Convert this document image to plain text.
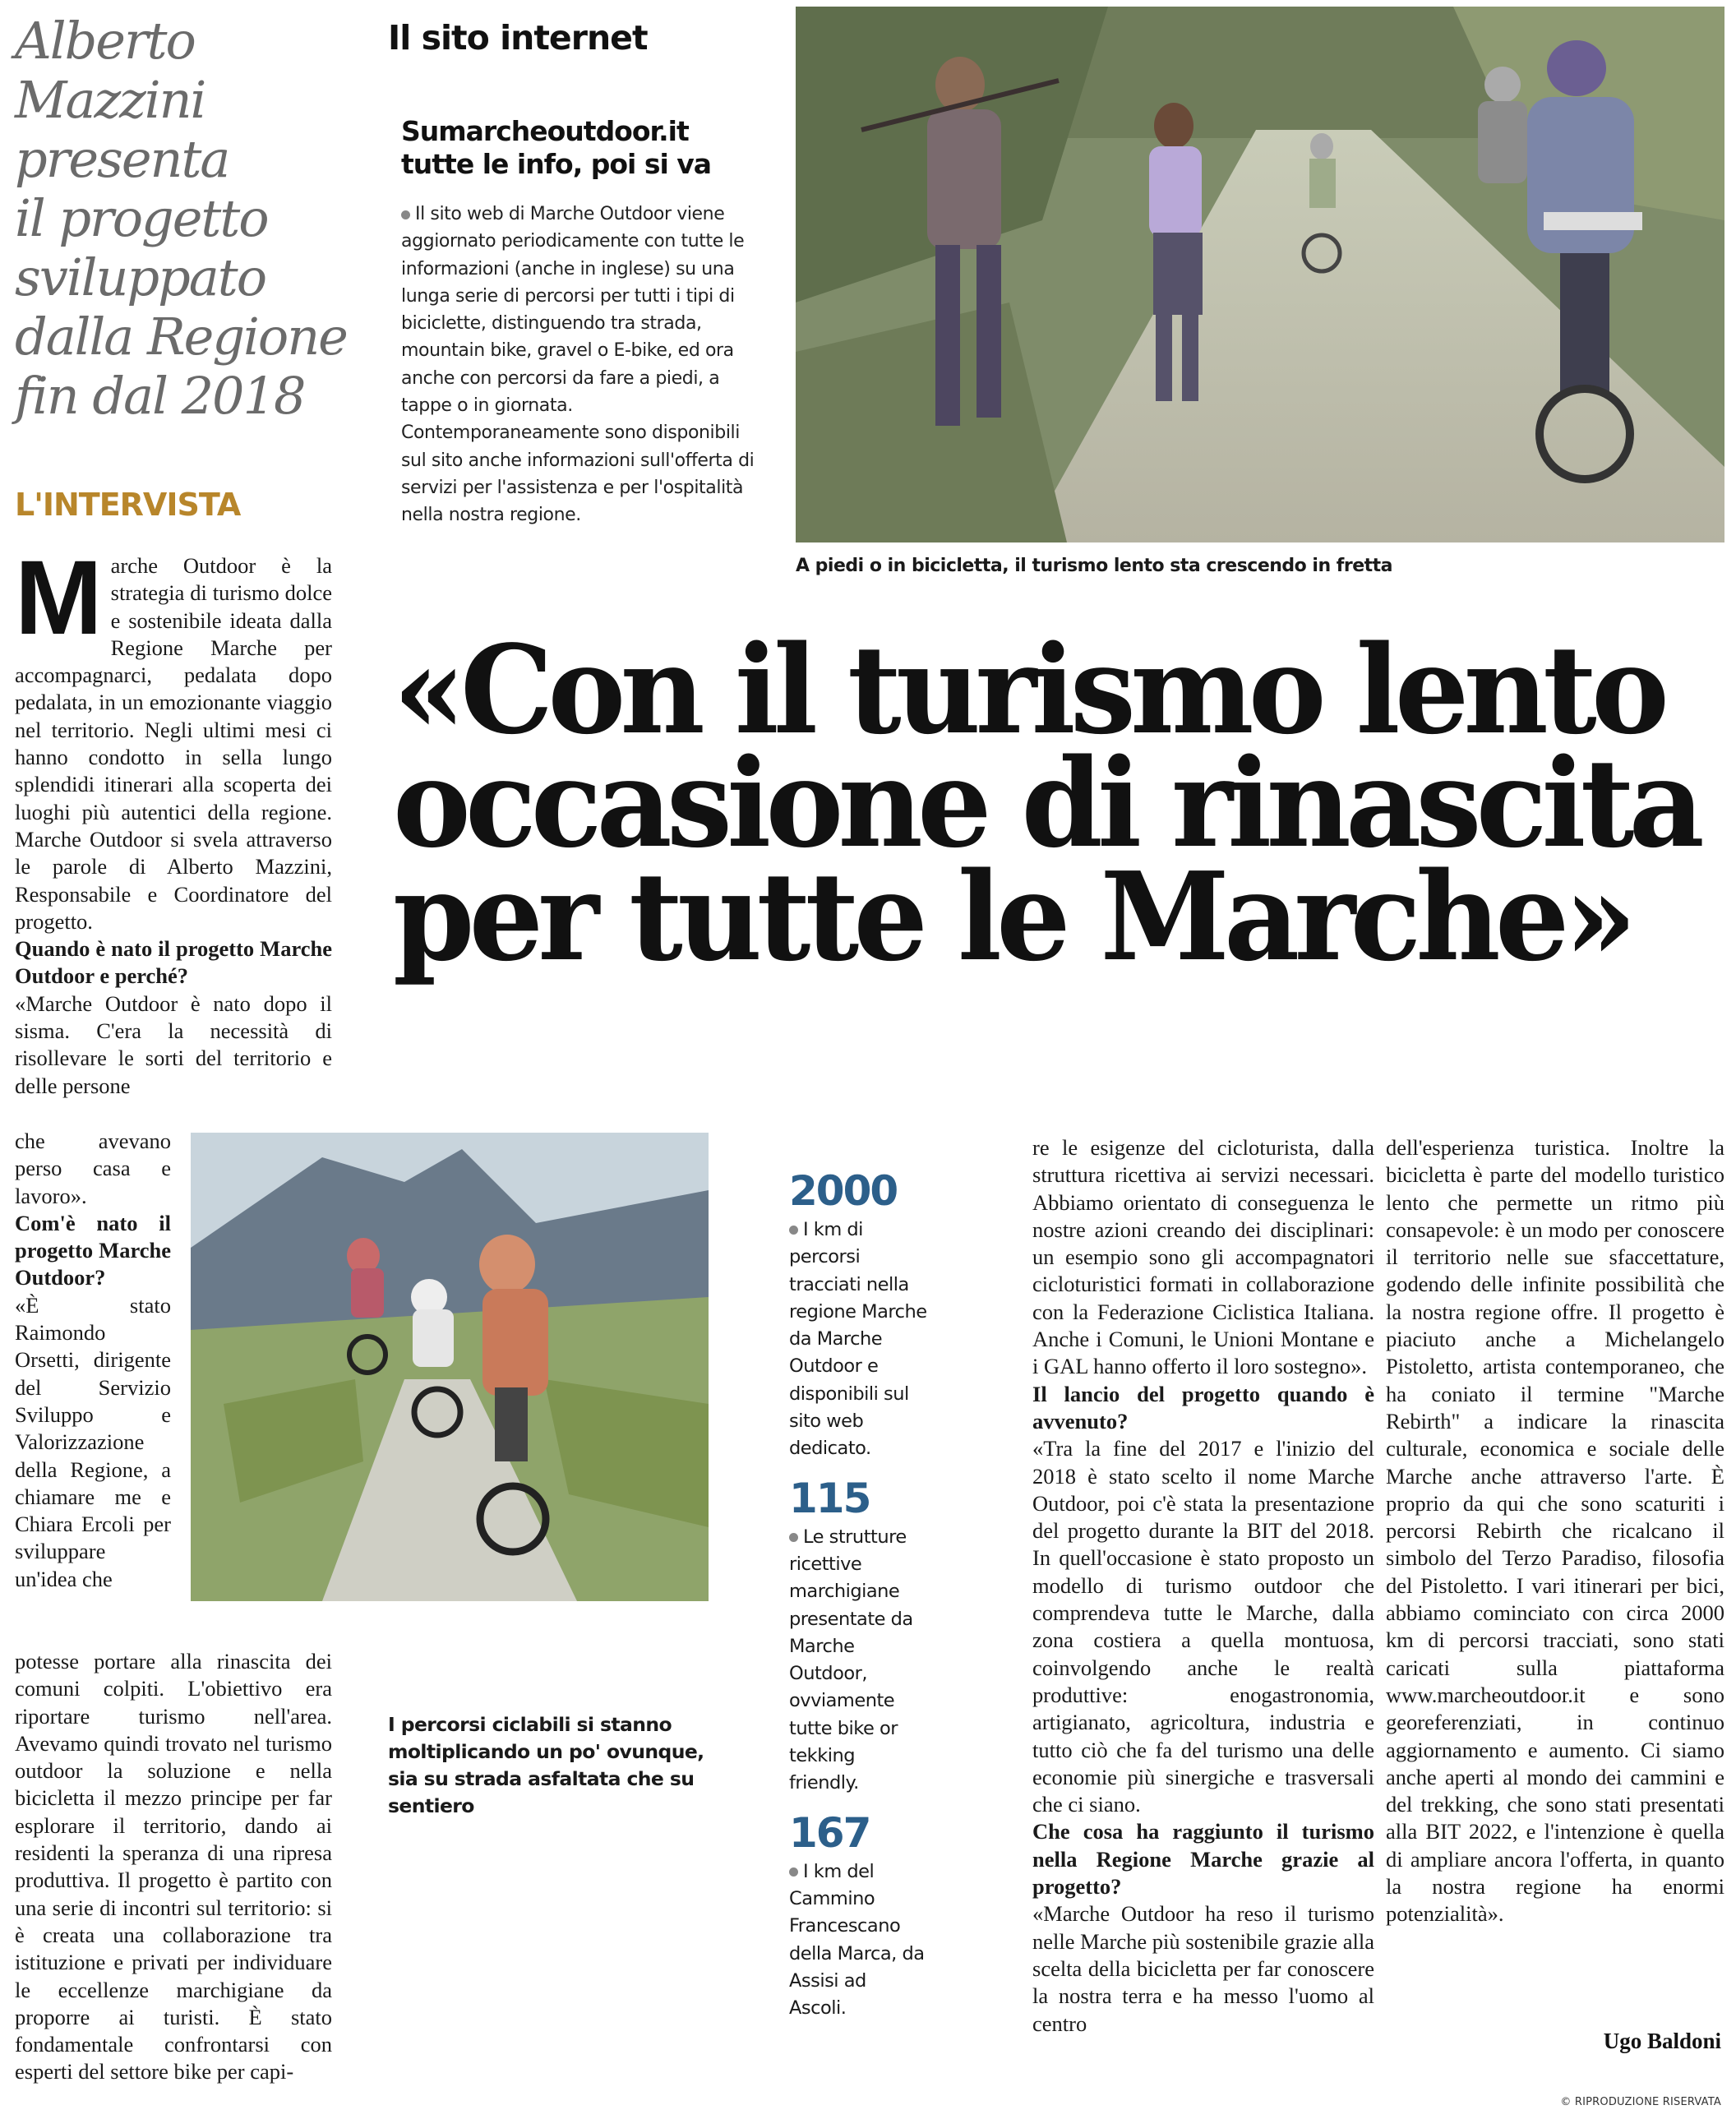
Alberto Mazzini
presenta
il progetto
sviluppato
dalla Regione
fin dal 2018
Il sito internet
Sumarcheoutdoor.it
tutte le info, poi si va
Il sito web di Marche Outdoor viene aggiornato periodicamente con tutte le informazioni (anche in inglese) su una lunga serie di percorsi per tutti i tipi di biciclette, distinguendo tra strada, mountain bike, gravel o E-bike, ed ora anche con percorsi da fare a piedi, a tappe o in giornata. Contemporaneamente sono disponibili sul sito anche informazioni sull'offerta di servizi per l'assistenza e per l'ospitalità nella nostra regione.
A piedi o in bicicletta, il turismo lento sta crescendo in fretta
L'INTERVISTA
«Con il turismo lento
occasione di rinascita
per tutte le Marche»
M arche Outdoor è la strategia di turismo dolce e sostenibile ideata dalla Regione Marche per accompagnarci, pedalata dopo pedalata, in un emozionante viaggio nel territorio. Negli ultimi mesi ci hanno condotto in sella lungo splendidi itinerari alla scoperta dei luoghi più autentici della regione. Marche Outdoor si svela attraverso le parole di Alberto Mazzini, Responsabile e Coordinatore del progetto.

Quando è nato il progetto Marche Outdoor e perché?

«Marche Outdoor è nato dopo il sisma. C'era la necessità di risollevare le sorti del territorio e delle persone

che avevano perso casa e lavoro».

Com'è nato il progetto Marche Outdoor?

«È stato Raimondo Orsetti, dirigente del Servizio Sviluppo e Valorizzazione della Regione, a chiamare me e Chiara Ercoli per sviluppare un'idea che

potesse portare alla rinascita dei comuni colpiti. L'obiettivo era riportare turismo nell'area. Avevamo quindi trovato nel turismo outdoor la soluzione e nella bicicletta il mezzo principe per far esplorare il territorio, dando ai residenti la speranza di una ripresa produttiva. Il progetto è partito con una serie di incontri sul territorio: si è creata una collaborazione tra istituzione e privati per individuare le eccellenze marchigiane da proporre ai turisti. È stato fondamentale confrontarsi con esperti del settore bike per capi-

I percorsi ciclabili si stanno moltiplicando un po' ovunque, sia su strada asfaltata che su sentiero
2000
I km di
percorsi
tracciati nella
regione Marche
da Marche
Outdoor e
disponibili sul
sito web
dedicato.
115
Le strutture
ricettive
marchigiane
presentate da
Marche
Outdoor,
ovviamente
tutte bike or
tekking
friendly.
167
I km del
Cammino
Francescano
della Marca, da
Assisi ad
Ascoli.

re le esigenze del cicloturista, dalla struttura ricettiva ai servizi necessari. Abbiamo orientato di conseguenza le nostre azioni creando dei disciplinari: un esempio sono gli accompagnatori cicloturistici formati in collaborazione con la Federazione Ciclistica Italiana. Anche i Comuni, le Unioni Montane e i GAL hanno offerto il loro sostegno».

Il lancio del progetto quando è avvenuto?

«Tra la fine del 2017 e l'inizio del 2018 è stato scelto il nome Marche Outdoor, poi c'è stata la presentazione del progetto durante la BIT del 2018. In quell'occasione è stato proposto un modello di turismo outdoor che comprendeva tutte le Marche, dalla zona costiera a quella montuosa, coinvolgendo anche le realtà produttive: enogastronomia, artigianato, agricoltura, industria e tutto ciò che fa del turismo una delle economie più sinergiche e trasversali che ci siano.

Che cosa ha raggiunto il turismo nella Regione Marche grazie al progetto?

«Marche Outdoor ha reso il turismo nelle Marche più sostenibile grazie alla scelta della bicicletta per far conoscere la nostra terra e ha messo l'uomo al centro

dell'esperienza turistica. Inoltre la bicicletta è parte del modello turistico lento che permette un ritmo più consapevole: è un modo per conoscere il territorio nelle sue sfaccettature, godendo delle infinite possibilità che la nostra regione offre. Il progetto è piaciuto anche a Michelangelo Pistoletto, artista contemporaneo, che ha coniato il termine "Marche Rebirth" a indicare la rinascita culturale, economica e sociale delle Marche anche attraverso l'arte. È proprio da qui che sono scaturiti i percorsi Rebirth che ricalcano il simbolo del Terzo Paradiso, filosofia del Pistoletto. I vari itinerari per bici, abbiamo cominciato con circa 2000 km di percorsi tracciati, sono stati caricati sulla piattaforma www.marcheoutdoor.it e sono georeferenziati, in continuo aggiornamento e aumento. Ci siamo anche aperti al mondo dei cammini e del trekking, che sono stati presentati alla BIT 2022, e l'intenzione è quella di ampliare ancora l'offerta, in quanto la nostra regione ha enormi potenzialità».

Ugo Baldoni
© RIPRODUZIONE RISERVATA
